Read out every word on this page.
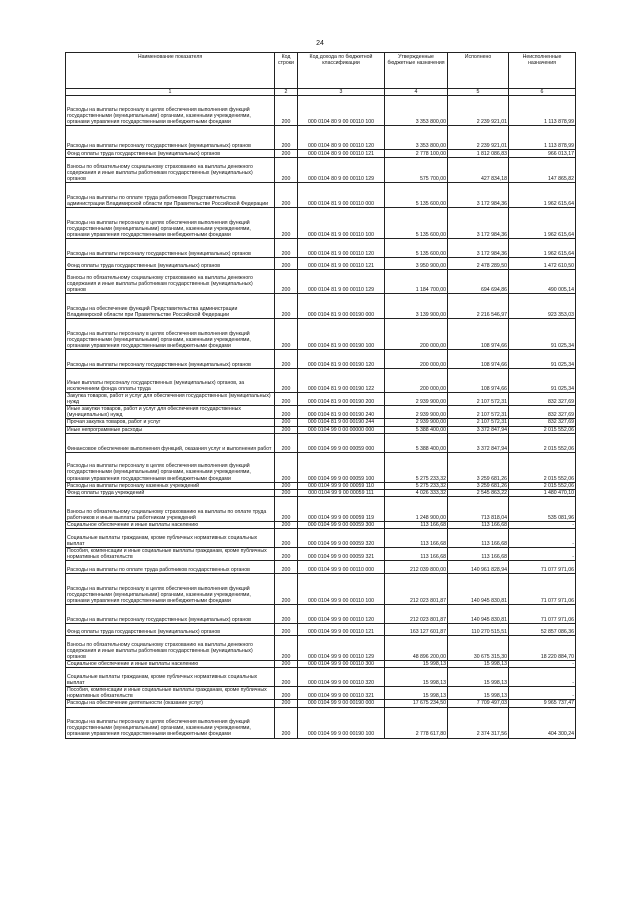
24
Наименование показателя	Код строки	Код дохода по бюджетной классификации	Утвержденные бюджетные назначения	Исполнено	Неисполненные назначения
1	2	3	4	5	6
Расходы на выплаты персоналу в целях обеспечения выполнения функций государственными (муниципальными) органами, казенными учреждениями, органами управления государственными внебюджетными фондами	200	000 0104 80 9 00 00110 100	3 353 800,00	2 239 921,01	1 113 878,99
Расходы на выплаты персоналу государственных (муниципальных) органов	200	000 0104 80 9 00 00110 120	3 353 800,00	2 239 921,01	1 113 878,99
Фонд оплаты труда государственных (муниципальных) органов	200	000 0104 80 9 00 00110 121	2 778 100,00	1 812 086,83	966 013,17
Взносы по обязательному социальному страхованию на выплаты денежного содержания и иные выплаты работникам государственных (муниципальных) органов	200	000 0104 80 9 00 00110 129	575 700,00	427 834,18	147 865,82
Расходы на выплаты по оплате труда работников Представительства администрации Владимирской области при Правительстве Российской Федерации	200	000 0104 81 9 00 00110 000	5 135 600,00	3 172 984,36	1 962 615,64
Расходы на выплаты персоналу в целях обеспечения выполнения функций государственными (муниципальными) органами, казенными учреждениями, органами управления государственными внебюджетными фондами	200	000 0104 81 9 00 00110 100	5 135 600,00	3 172 984,36	1 962 615,64
Расходы на выплаты персоналу государственных (муниципальных) органов	200	000 0104 81 9 00 00110 120	5 135 600,00	3 172 984,36	1 962 615,64
Фонд оплаты труда государственных (муниципальных) органов	200	000 0104 81 9 00 00110 121	3 950 900,00	2 478 289,50	1 472 610,50
Взносы по обязательному социальному страхованию на выплаты денежного содержания и иные выплаты работникам государственных (муниципальных) органов	200	000 0104 81 9 00 00110 129	1 184 700,00	694 694,86	490 005,14
Расходы на обеспечение функций Представительства администрации Владимирской области при Правительстве Российской Федерации	200	000 0104 81 9 00 00190 000	3 139 900,00	2 216 546,97	923 353,03
Расходы на выплаты персоналу в целях обеспечения выполнения функций государственными (муниципальными) органами, казенными учреждениями, органами управления государственными внебюджетными фондами	200	000 0104 81 9 00 00190 100	200 000,00	108 974,66	91 025,34
Расходы на выплаты персоналу государственных (муниципальных) органов	200	000 0104 81 9 00 00190 120	200 000,00	108 974,66	91 025,34
Иные выплаты персоналу государственных (муниципальных) органов, за исключением фонда оплаты труда	200	000 0104 81 9 00 00190 122	200 000,00	108 974,66	91 025,34
Закупка товаров, работ и услуг для обеспечения государственных (муниципальных) нужд	200	000 0104 81 9 00 00190 200	2 939 900,00	2 107 572,31	832 327,69
Иные закупки товаров, работ и услуг для обеспечения государственных (муниципальных) нужд	200	000 0104 81 9 00 00190 240	2 939 900,00	2 107 572,31	832 327,69
Прочая закупка товаров, работ и услуг	200	000 0104 81 9 00 00190 244	2 939 900,00	2 107 572,31	832 327,69
Иные непрограммные расходы	200	000 0104 99 0 00 00000 000	5 388 400,00	3 372 847,94	2 015 552,06
Финансовое обеспечение выполнения функций, оказания услуг и выполнения работ	200	000 0104 99 9 00 00059 000	5 388 400,00	3 372 847,94	2 015 552,06
Расходы на выплаты персоналу в целях обеспечения выполнения функций государственными (муниципальными) органами, казенными учреждениями, органами управления государственными внебюджетными фондами	200	000 0104 99 9 00 00059 100	5 275 233,32	3 259 681,26	2 015 552,06
Расходы на выплаты персоналу казенных учреждений	200	000 0104 99 9 00 00059 110	5 275 233,32	3 259 681,26	2 015 552,06
Фонд оплаты труда учреждений	200	000 0104 99 9 00 00059 111	4 026 333,32	2 545 863,22	1 480 470,10
Взносы по обязательному социальному страхованию на выплаты по оплате труда работников и иные выплаты работникам учреждений	200	000 0104 99 9 00 00059 119	1 248 900,00	713 818,04	535 081,96
Социальное обеспечение и иные выплаты населению	200	000 0104 99 9 00 00059 300	113 166,68	113 166,68	-
Социальные выплаты гражданам, кроме публичных нормативных социальных выплат	200	000 0104 99 9 00 00059 320	113 166,68	113 166,68	-
Пособия, компенсации и иные социальные выплаты гражданам, кроме публичных нормативных обязательств	200	000 0104 99 9 00 00059 321	113 166,68	113 166,68	-
Расходы на выплаты по оплате труда работников государственных органов	200	000 0104 99 9 00 00110 000	212 039 800,00	140 961 828,94	71 077 971,06
Расходы на выплаты персоналу в целях обеспечения выполнения функций государственными (муниципальными) органами, казенными учреждениями, органами управления государственными внебюджетными фондами	200	000 0104 99 9 00 00110 100	212 023 801,87	140 945 830,81	71 077 971,06
Расходы на выплаты персоналу государственных (муниципальных) органов	200	000 0104 99 9 00 00110 120	212 023 801,87	140 945 830,81	71 077 971,06
Фонд оплаты труда государственных (муниципальных) органов	200	000 0104 99 9 00 00110 121	163 127 601,87	110 270 515,51	52 857 086,36
Взносы по обязательному социальному страхованию на выплаты денежного содержания и иные выплаты работникам государственных (муниципальных) органов	200	000 0104 99 9 00 00110 129	48 896 200,00	30 675 315,30	18 220 884,70
Социальное обеспечение и иные выплаты населению	200	000 0104 99 9 00 00110 300	15 998,13	15 998,13	-
Социальные выплаты гражданам, кроме публичных нормативных социальных выплат	200	000 0104 99 9 00 00110 320	15 998,13	15 998,13	-
Пособия, компенсации и иные социальные выплаты гражданам, кроме публичных нормативных обязательств	200	000 0104 99 9 00 00110 321	15 998,13	15 998,13	-
Расходы на обеспечение деятельности (оказание услуг)	200	000 0104 99 9 00 00190 000	17 675 234,50	7 709 497,03	9 965 737,47
Расходы на выплаты персоналу в целях обеспечения выполнения функций государственными (муниципальными) органами, казенными учреждениями, органами управления государственными внебюджетными фондами	200	000 0104 99 9 00 00190 100	2 778 617,80	2 374 317,56	404 300,24
